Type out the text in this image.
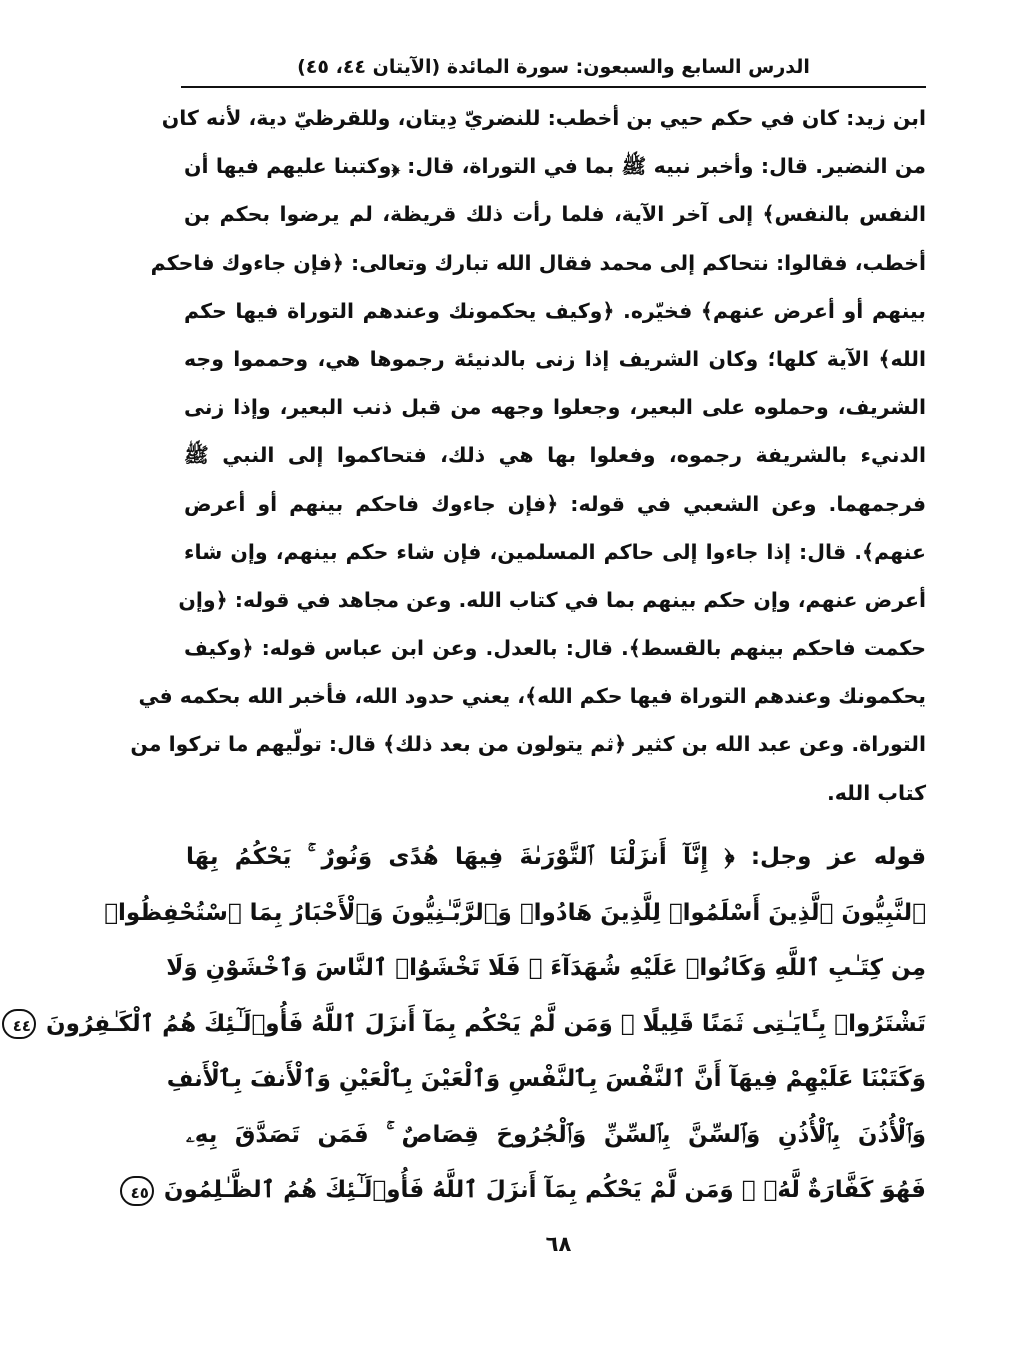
الدرس السابع والسبعون: سورة المائدة (الآيتان ٤٤، ٤٥)
ابن زيد: كان في حكم حيي بن أخطب: للنضريّ دِيتان، وللقرظيّ دية، لأنه كان
من النضير. قال: وأخبر نبيه ﷺ بما في التوراة، قال: ﴿وكتبنا عليهم فيها أن
النفس بالنفس﴾ إلى آخر الآية، فلما رأت ذلك قريظة، لم يرضوا بحكم بن
أخطب، فقالوا: نتحاكم إلى محمد فقال الله تبارك وتعالى: ﴿فإن جاءوك فاحكم
بينهم أو أعرض عنهم﴾ فخيّره. ﴿وكيف يحكمونك وعندهم التوراة فيها حكم
الله﴾ الآية كلها؛ وكان الشريف إذا زنى بالدنيئة رجموها هي، وحمموا وجه
الشريف، وحملوه على البعير، وجعلوا وجهه من قبل ذنب البعير، وإذا زنى
الدنيء بالشريفة رجموه، وفعلوا بها هي ذلك، فتحاكموا إلى النبي ﷺ
فرجمهما. وعن الشعبي في قوله: ﴿فإن جاءوك فاحكم بينهم أو أعرض
عنهم﴾. قال: إذا جاءوا إلى حاكم المسلمين، فإن شاء حكم بينهم، وإن شاء
أعرض عنهم، وإن حكم بينهم بما في كتاب الله. وعن مجاهد في قوله: ﴿وإن
حكمت فاحكم بينهم بالقسط﴾. قال: بالعدل. وعن ابن عباس قوله: ﴿وكيف
يحكمونك وعندهم التوراة فيها حكم الله﴾، يعني حدود الله، فأخبر الله بحكمه في
التوراة. وعن عبد الله بن كثير ﴿ثم يتولون من بعد ذلك﴾ قال: تولّيهم ما تركوا من
كتاب الله.
قوله عز وجل: ﴿ إِنَّآ أَنزَلْنَا ٱلتَّوْرَىٰةَ فِيهَا هُدًى وَنُورٌ ۚ يَحْكُمُ بِهَا
ٱلنَّبِيُّونَ ٱلَّذِينَ أَسْلَمُوا۟ لِلَّذِينَ هَادُوا۟ وَٱلرَّبَّـٰنِيُّونَ وَٱلْأَحْبَارُ بِمَا ٱسْتُحْفِظُوا۟
مِن كِتَـٰبِ ٱللَّهِ وَكَانُوا۟ عَلَيْهِ شُهَدَآءَ ۚ فَلَا تَخْشَوُا۟ ٱلنَّاسَ وَٱخْشَوْنِ وَلَا
تَشْتَرُوا۟ بِـَٔايَـٰتِى ثَمَنًا قَلِيلًا ۚ وَمَن لَّمْ يَحْكُم بِمَآ أَنزَلَ ٱللَّهُ فَأُو۟لَـٰٓئِكَ هُمُ ٱلْكَـٰفِرُونَ ٤٤
وَكَتَبْنَا عَلَيْهِمْ فِيهَآ أَنَّ ٱلنَّفْسَ بِٱلنَّفْسِ وَٱلْعَيْنَ بِٱلْعَيْنِ وَٱلْأَنفَ بِٱلْأَنفِ
وَٱلْأُذُنَ بِٱلْأُذُنِ وَٱلسِّنَّ بِٱلسِّنِّ وَٱلْجُرُوحَ قِصَاصٌ ۚ فَمَن تَصَدَّقَ بِهِۦ
فَهُوَ كَفَّارَةٌ لَّهُۥ ۚ وَمَن لَّمْ يَحْكُم بِمَآ أَنزَلَ ٱللَّهُ فَأُو۟لَـٰٓئِكَ هُمُ ٱلظَّـٰلِمُونَ ٤٥
٦٨
